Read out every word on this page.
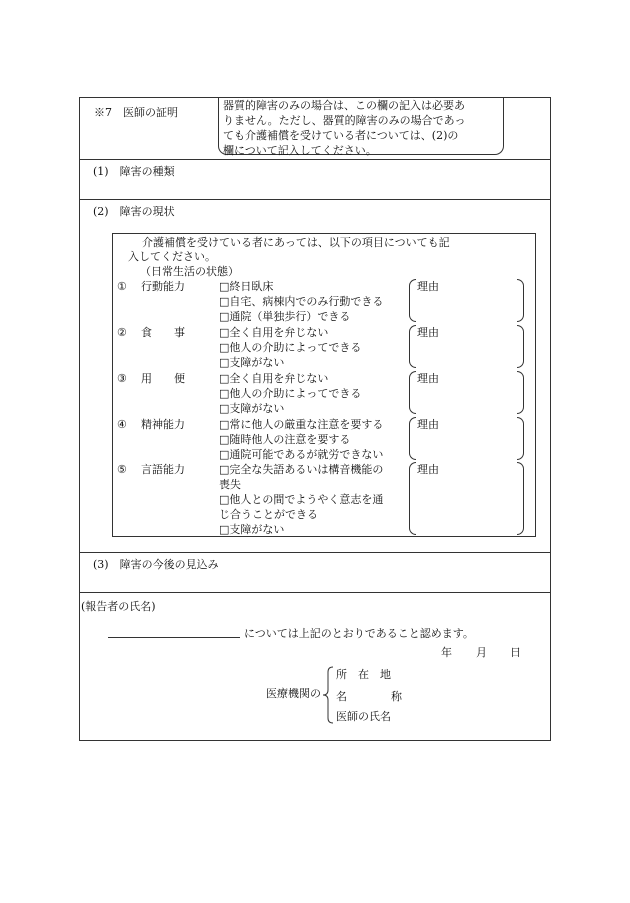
※7　医師の証明
器質的障害のみの場合は、この欄の記入は必要あ
りません。ただし、器質的障害のみの場合であっ
ても介護補償を受けている者については、(2)の
欄について記入してください。
(1)　障害の種類
(2)　障害の現状
介護補償を受けている者にあっては、以下の項目についても記
入してください。
（日常生活の状態）
① 行動能力	□終日臥床
□自宅、病棟内でのみ行動できる
□通院（単独歩行）できる
理由
② 食　　事	□全く自用を弁じない
□他人の介助によってできる
□支障がない
理由
③ 用　　便	□全く自用を弁じない
□他人の介助によってできる
□支障がない
理由
④ 精神能力	□常に他人の厳重な注意を要する
□随時他人の注意を要する
□通院可能であるが就労できない
理由
⑤ 言語能力	□完全な失語あるいは構音機能の
喪失
□他人との間でようやく意志を通
じ合うことができる
□支障がない
理由
(3)　障害の今後の見込み
(報告者の氏名)
については上記のとおりであること認めます。
年 月 日
医療機関の
所　在　地
名　　　　称
医師の氏名
